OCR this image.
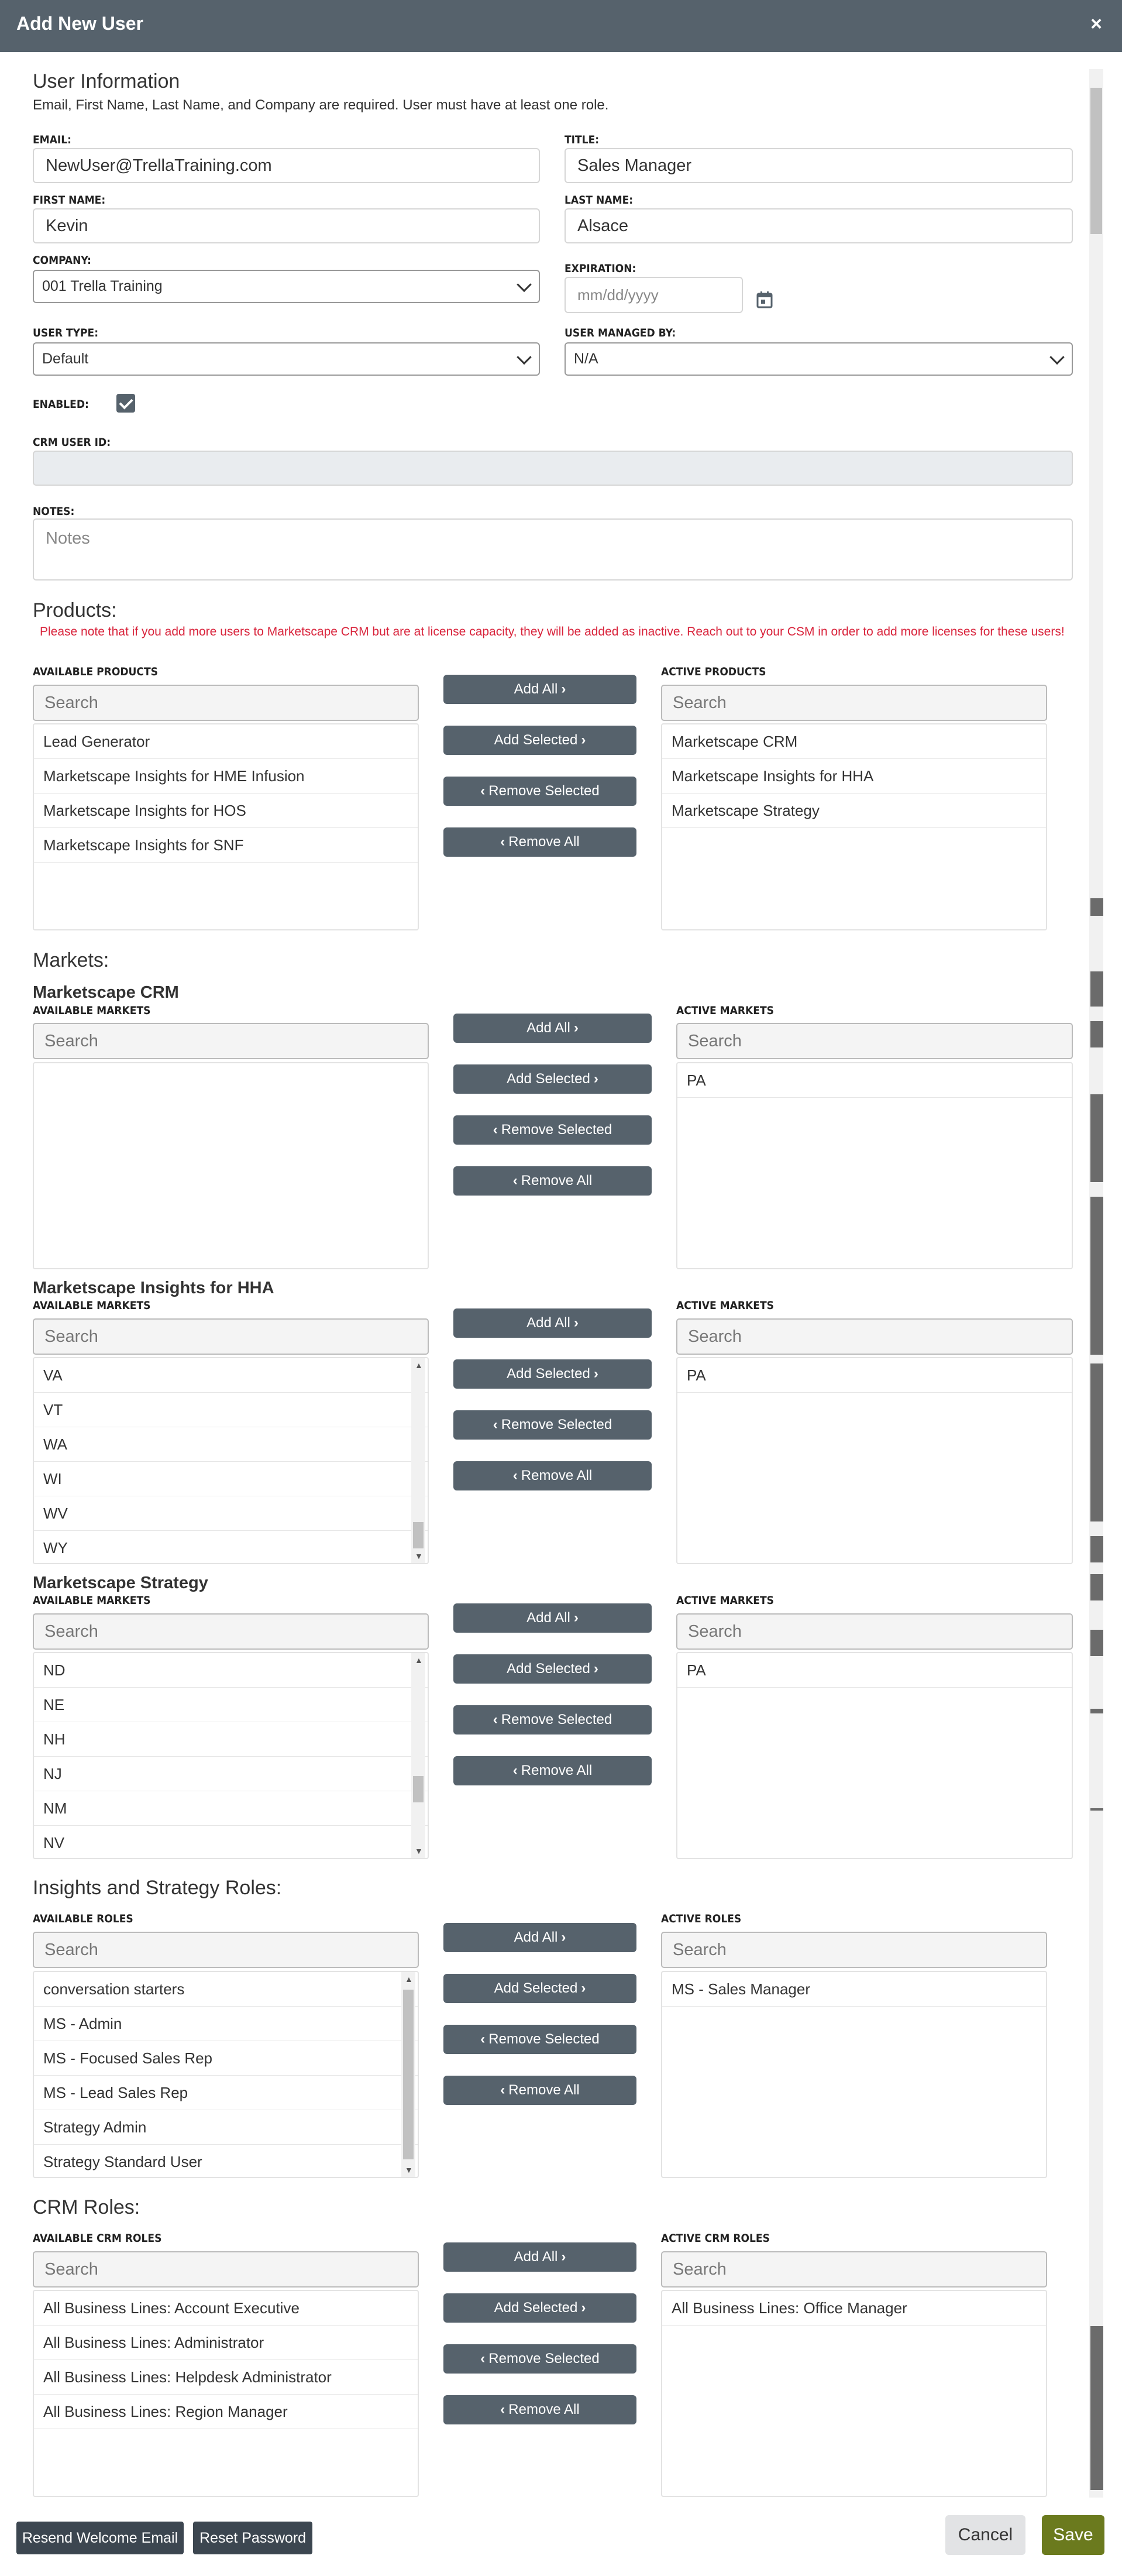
Add New User	×
User Information
Email, First Name, Last Name, and Company are required. User must have at least one role.
EMAIL:
NewUser@TrellaTraining.com
TITLE:
Sales Manager
FIRST NAME:
Kevin
LAST NAME:
Alsace
COMPANY:
001 Trella Training
EXPIRATION:
mm/dd/yyyy
USER TYPE:
Default
USER MANAGED BY:
N/A
ENABLED:
CRM USER ID:
NOTES:
Notes
Products:
Please note that if you add more users to Marketscape CRM but are at license capacity, they will be added as inactive. Reach out to your CSM in order to add more licenses for these users!
AVAILABLE PRODUCTS	ACTIVE PRODUCTS
Search
Lead Generator
Marketscape Insights for HME Infusion
Marketscape Insights for HOS
Marketscape Insights for SNF
Search
Marketscape CRM
Marketscape Insights for HHA
Marketscape Strategy
Add All ›
Add Selected ›
‹ Remove Selected
‹ Remove All
Marketscape CRM
AVAILABLE MARKETS	ACTIVE MARKETS
Search	Search
PA
Add All ›
Add Selected ›
‹ Remove Selected
‹ Remove All
Marketscape Insights for HHA
AVAILABLE MARKETS	ACTIVE MARKETS
Search
VA
VT
WA
WI
WV
WY
▲
▼
Search
PA
Add All ›
Add Selected ›
‹ Remove Selected
‹ Remove All
Marketscape Strategy
AVAILABLE MARKETS	ACTIVE MARKETS
Search
ND
NE
NH
NJ
NM
NV
▲
▼
Search
PA
Add All ›
Add Selected ›
‹ Remove Selected
‹ Remove All
AVAILABLE ROLES	ACTIVE ROLES
Search
conversation starters
MS - Admin
MS - Focused Sales Rep
MS - Lead Sales Rep
Strategy Admin
Strategy Standard User
▲
▼
Search
MS - Sales Manager
Add All ›
Add Selected ›
‹ Remove Selected
‹ Remove All
AVAILABLE CRM ROLES	ACTIVE CRM ROLES
Search
All Business Lines: Account Executive
All Business Lines: Administrator
All Business Lines: Helpdesk Administrator
All Business Lines: Region Manager
Search
All Business Lines: Office Manager
Add All ›
Add Selected ›
‹ Remove Selected
‹ Remove All
Markets:
Insights and Strategy Roles:
CRM Roles:
Resend Welcome Email	Reset Password	Cancel	Save
